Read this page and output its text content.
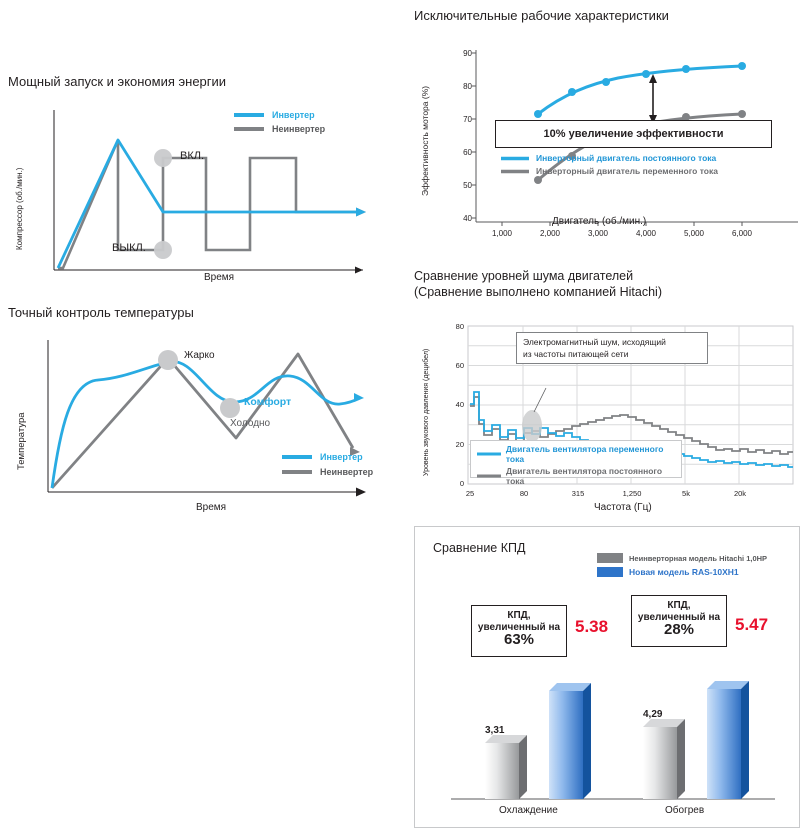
Мощный запуск и экономия энергии
Компрессор (об./мин.)
ВКЛ.
ВЫКЛ.
Время
Инвертер
Неинвертер
Точный контроль температуры
Температура
Жарко
Комфорт
Холодно
Время
Инвертер
Неинвертер
Исключительные рабочие характеристики
90
80
70
60
50
40
1,000	2,000	3,000	4,000	5,000	6,000
Эффективность мотора (%)
Двигатель (об./мин.)
10% увеличение эффективности
Инверторный двигатель постоянного тока
Инверторный двигатель переменного тока
Сравнение уровней шума двигателей
(Сравнение выполнено компанией Hitachi)
80
60
40
20
0
25	80	315	1,250	5k	20k
Уровень звукового давления (децибел)
Частота (Гц)
Электромагнитный шум, исходящий
из частоты питающей сети
Двигатель вентилятора переменного тока
Двигатель вентилятора постоянного тока
Сравнение КПД
Неинверторная модель Hitachi 1,0HP
Новая модель RAS-10XH1
3,31
4,29
5.38	5.47
КПД,
увеличенный на
63%
КПД,
увеличенный на
28%
Охлаждение	Обогрев
